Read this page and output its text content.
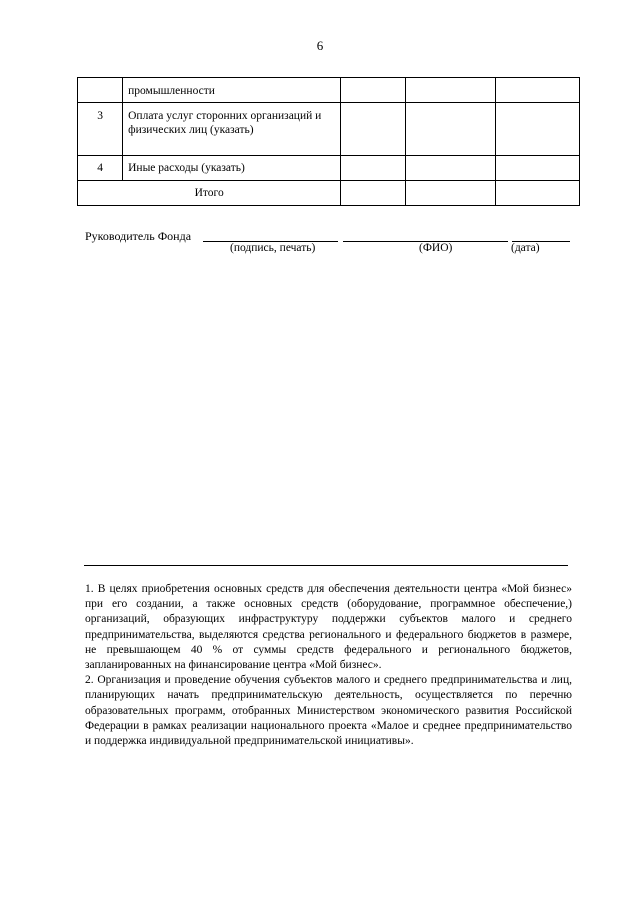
6

	промышленности			

3	Оплата услуг сторонних организаций и физических лиц (указать)			

4	Иные расходы (указать)			

Итого				

Руководитель Фонда
(подпись, печать)	(ФИО)	(дата)

1. В целях приобретения основных средств для обеспечения деятельности центра «Мой бизнес» при его создании, а также основных средств (оборудование, программное обеспечение,) организаций, образующих инфраструктуру поддержки субъектов малого и среднего предпринимательства, выделяются средства регионального и федерального бюджетов в размере, не превышающем 40 % от суммы средств федерального и регионального бюджетов, запланированных на финансирование центра «Мой бизнес».

2. Организация и проведение обучения субъектов малого и среднего предпринимательства и лиц, планирующих начать предпринимательскую деятельность, осуществляется по перечню образовательных программ, отобранных Министерством экономического развития Российской Федерации в рамках реализации национального проекта «Малое и среднее предпринимательство и поддержка индивидуальной предпринимательской инициативы».
